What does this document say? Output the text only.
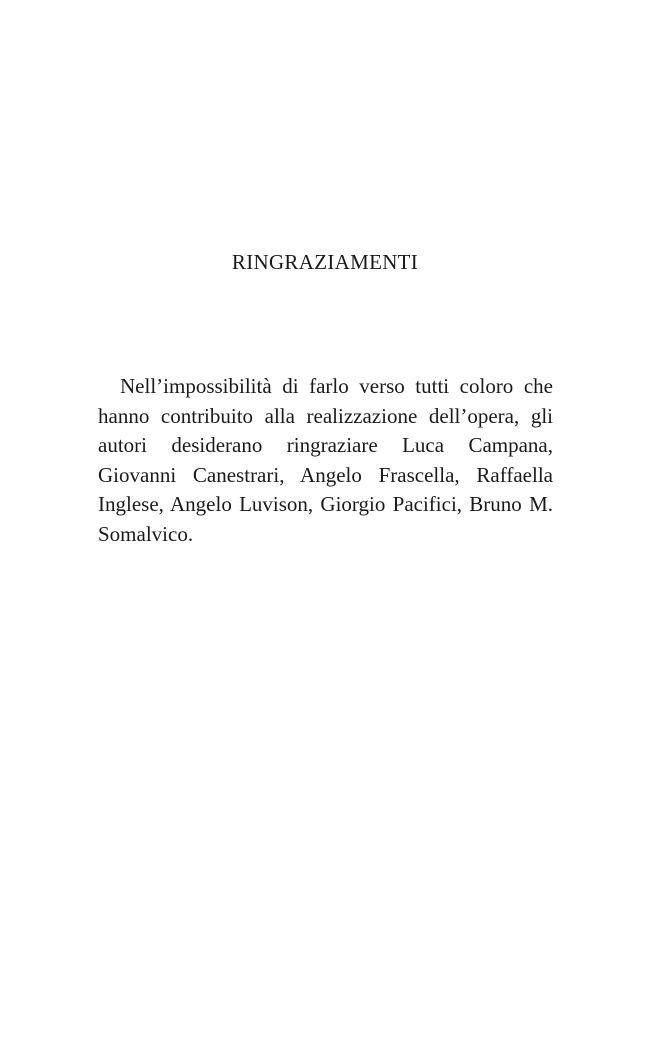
RINGRAZIAMENTI

Nell’impossibilità di farlo verso tutti coloro che hanno contribuito alla realizzazione dell’opera, gli autori desiderano ringraziare Luca Campana, Giovanni Canestrari, Angelo Frascella, Raffaella Inglese, Angelo Luvison, Giorgio Pacifici, Bruno M. Somalvico.
